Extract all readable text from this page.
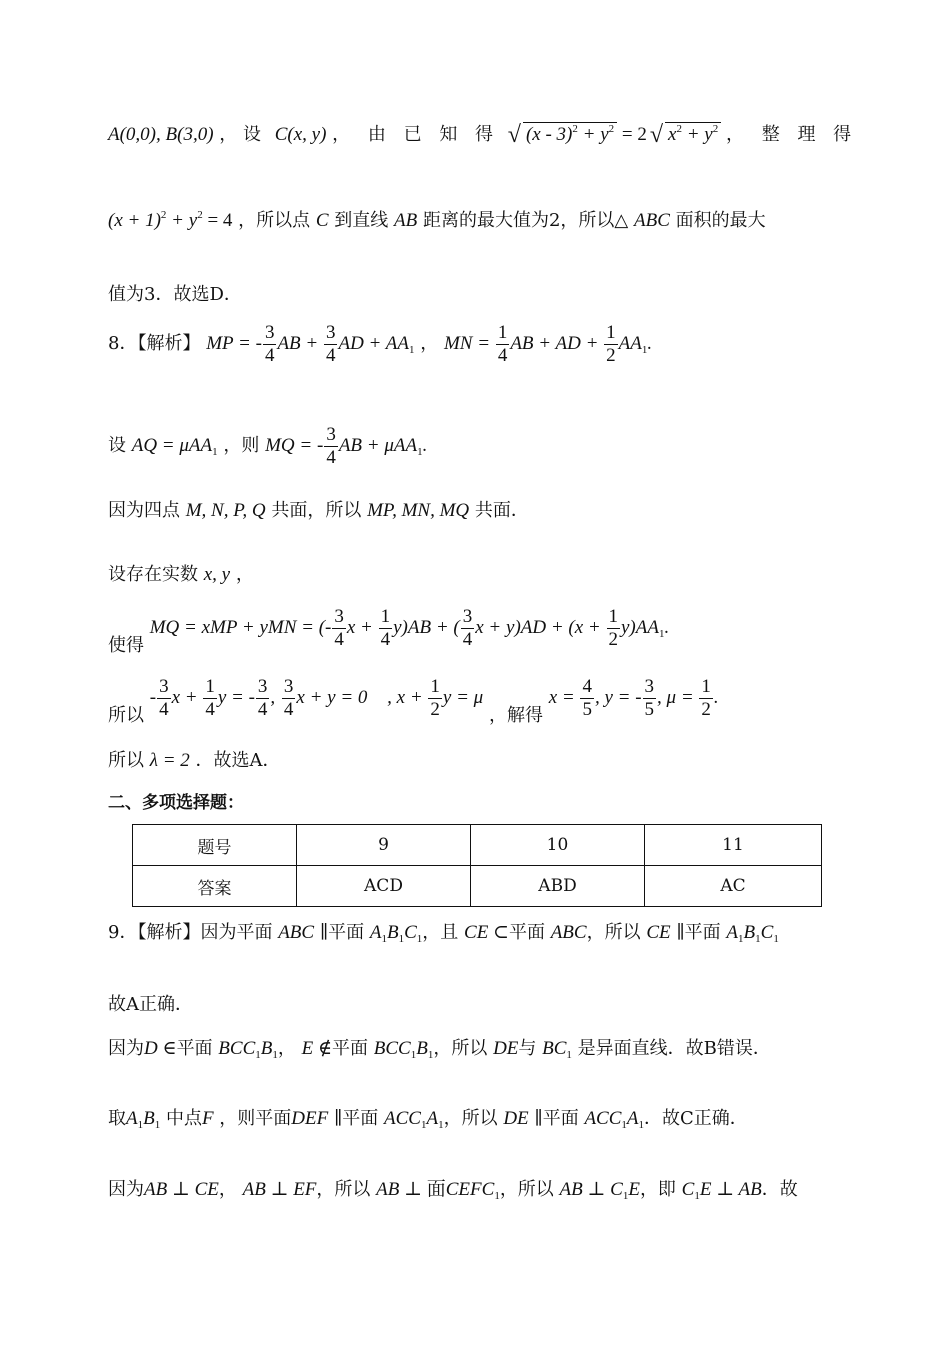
A(0,0), B(3,0) ， 设 C(x, y) ， 由 已 知 得 √ $(x - 3)^2 + y^2 = 2$ √ $x^2 + y^2$ ， 整 理 得
$(x + 1)^2 + y^2 = 4$ ，所以点 C 到直线 AB 距离的最大值为2，所以△ ABC 面积的最大
值为3．故选D．
8．【解析】 MP = - $\frac{3}{4}$ AB + $\frac{3}{4}$ AD + $AA_1$ ， MN = $\frac{1}{4}$ AB + AD + $\frac{1}{2} AA_1$.
设 AQ = μAA$_1$ ，则 MQ = - $\frac{3}{4}$ AB + μAA$_1$.
因为四点 M, N, P, Q 共面，所以 MP, MN, MQ 共面．
设存在实数 x, y ，
使得 MQ = xMP + yMN = (- $\frac{3}{4}$ $x + \frac{1}{4} y)AB$ + ( $\frac{3}{4}$ $x + y)AD + (x + \frac{1}{2} y)AA_1$.
所以 - $\frac{3}{4}$ $x + \frac{1}{4}$ y = - $\frac{3}{4}$ , $\frac{3}{4}$ x + y = 0 , $x + \frac{1}{2}$ y = μ ，解得 $x = \frac{4}{5}$ , y = - $\frac{3}{5}$ , $\mu = \frac{1}{2}$ .
所以 λ = 2 ．故选A．
二、多项选择题：
题号	9	10	11
答案	ACD	ABD	AC
9．【解析】因为平面 ABC ∥平面 $A_1B_1C_1$，且 CE ⊂平面 ABC，所以 CE ∥平面 $A_1B_1C_1$
故A正确．
因为D ∈平面 $BCC_1B_1$， E ∉平面 $BCC_1B_1$，所以 DE与 $BC_1$ 是异面直线．故B错误．
取$A_1B_1$ 中点F ，则平面DEF ∥平面 $ACC_1A_1$，所以 DE ∥平面 $ACC_1A_1$．故C正确．
因为AB ⊥ CE， AB ⊥ EF，所以 AB ⊥ 面$CEFC_1$，所以 AB ⊥ $C_1E$，即 $C_1E$ ⊥ AB．故
